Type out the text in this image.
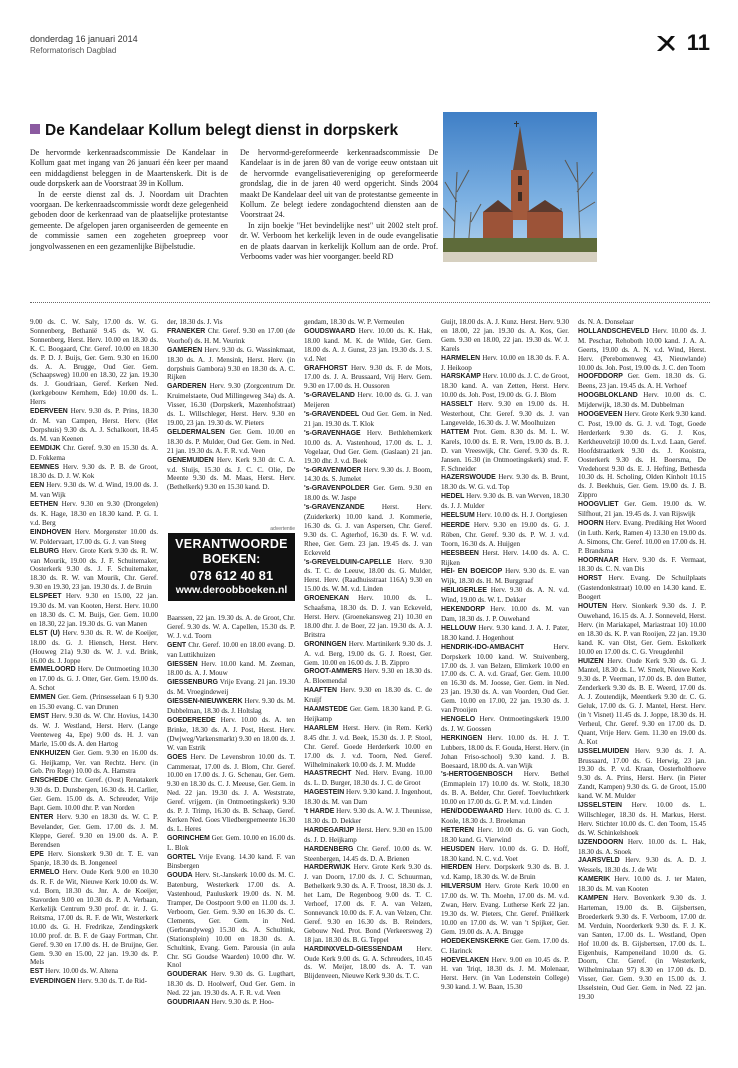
donderdag 16 januari 2014
Reformatorisch Dagblad	11
De Kandelaar Kollum belegt dienst in dorpskerk

De hervormde kerkenraadscommissie De Kandelaar in Kollum gaat met ingang van 26 januari één keer per maand een middagdienst beleggen in de Maartenskerk. Dit is de oude dorpskerk aan de Voorstraat 39 in Kollum.

In de eerste dienst zal ds. J. Noordam uit Drachten voorgaan. De kerkenraadscommissie wordt deze gelegenheid geboden door de kerkenraad van de plaatselijke protestantse gemeente. De afgelopen jaren organiseerden de gemeente en de commissie samen een zogeheten groepreep voor jongvolwassenen en een gezamenlijke Bijbelstudie.

De hervormd-gereformeerde kerkenraadscommissie De Kandelaar is in de jaren 80 van de vorige eeuw ontstaan uit de hervormde evangelisatievereniging op gereformeerde grondslag, die in de jaren 40 werd opgericht. Sinds 2004 maakt De Kandelaar deel uit van de protestantse gemeente in Kollum. Ze belegt iedere zondagochtend diensten aan de Voorstraat 24.

In zijn boekje "Het bevindelijke nest" uit 2002 stelt prof. dr. W. Verboom het kerkelijk leven in de oude evangelisatie en de plaats daarvan in kerkelijk Kollum aan de orde. Prof. Verbooms vader was hier voorganger. beeld RD

9.00 ds. C. W. Saly, 17.00 ds. W. G. Sonnenberg, Bethanië 9.45 ds. W. G. Sonnenberg, Herst. Herv. 10.00 en 18.30 ds. K. C. Boogaard, Chr. Geref. 10.00 en 18.30 ds. P. D. J. Buijs, Ger. Gem. 9.30 en 16.00 ds. A. A. Brugge, Oud Ger. Gem. (Schaapsweg) 10.00 en 18.30, 22 jan. 19.30 ds. J. Goudriaan, Geref. Kerken Ned. (kerkgebouw Kernhem, Ede) 10.00 ds. L. Herrs
EDERVEEN Herv. 9.30 ds. P. Prins, 18.30 dr. M. van Campen, Herst. Herv. (Het Dorpshuis) 9.30 ds. A. J. Schalkoort, 18.45 ds. M. van Keenen
EEMDIJK Chr. Geref. 9.30 en 15.30 ds. A. D. Fokkema
EEMNES Herv. 9.30 ds. P. B. de Groot, 18.30 ds. D. J. W. Kok
EEN Herv. 9.30 ds. W. d. Wind, 19.00 ds. J. M. van Wijk
EETHEN Herv. 9.30 en 9.30 (Drongelen) ds. K. Hage, 18.30 en 18.30 kand. P. G. I. v.d. Berg
EINDHOVEN Herv. Morgenster 10.00 ds. W. Poldervaart, 17.00 ds. G. J. van Steeg
ELBURG Herv. Grote Kerk 9.30 ds. R. W. van Mourik, 19.00 ds. J. F. Schuitemaker, Oosterkerk 9.30 ds. J. F. Schuitemaker, 18.30 ds. R. W. van Mourik, Chr. Geref. 9.30 en 19.30, 23 jan. 19.30 ds. J. de Bruin
ELSPEET Herv. 9.30 en 15.00, 22 jan. 19.30 ds. M. van Kooten, Herst. Herv. 10.00 en 18.30 ds. C. M. Buijs, Ger. Gem. 10.00 en 18.30, 22 jan. 19.30 ds. G. van Manen
ELST (U) Herv. 9.30 ds. R. W. de Koeijer, 18.00 ds. G. J. Hiensch, Herst. Herv. (Houweg 21a) 9.30 ds. W. J. v.d. Brink, 16.00 ds. J. Joppe
EMMELOORD Herv. De Ontmoeting 10.30 en 17.00 ds. G. J. Otter, Ger. Gem. 19.00 ds. A. Schot
EMMEN Ger. Gem. (Prinsesselaan 6 I) 9.30 en 15.30 evang. C. van Drunen
EMST Herv. 9.30 ds. W. Chr. Hovius, 14.30 ds. W. J. Westland, Herst. Herv. (Lange Veenteweg 4a, Epe) 9.00 ds. H. J. van Marle, 15.00 ds. A. den Hartog
ENKHUIZEN Ger. Gem. 9.30 en 16.00 ds. G. Heijkamp, Ver. van Rechtz. Herv. (in Geb. Pro Rege) 10.00 ds. A. Hamstra
ENSCHEDE Chr. Geref. (Oost) Renatakerk 9.30 ds. D. Dunsbergen, 16.30 ds. H. Carlier, Ger. Gem. 15.00 ds. A. Schreuder, Vrije Bapt. Gem. 10.00 dhr. P. van Norden
ENTER Herv. 9.30 en 18.30 ds. W. C. P. Bevelander, Ger. Gem. 17.00 ds. J. M. Kleppe, Geref. 9.30 en 19.00 ds. A. P. Berendsen
EPE Herv. Sionskerk 9.30 dr. T. E. van Spanje, 18.30 ds. B. Jongeneel
ERMELO Herv. Oude Kerk 9.00 en 10.30 ds. R. F. de Wit, Nieuwe Kerk 10.00 ds. W. v.d. Born, 18.30 ds. Jnr. A. de Koeijer, Stavorden 9.00 en 10.30 ds. P. A. Verbaan, Kerkelijk Centrum 9.30 prof. dr. ir. J. G. Reitsma, 17.00 ds. R. F. de Wit, Westerkerk 10.00 ds. G. H. Fredrikze, Zendingskerk 10.00 prof. dr. B. F. de Gaay Fortman, Chr. Geref. 9.30 en 17.00 ds. H. de Bruijne, Ger. Gem. 9.30 en 15.00, 22 jan. 19.30 ds. P. Mels
EST Herv. 10.00 ds. W. Altena
EVERDINGEN Herv. 9.30 ds. T. de Rid-
der, 18.30 ds. J. Vis
FRANEKER Chr. Geref. 9.30 en 17.00 (de Voorhof) ds. H. M. Veurink
GAMEREN Herv. 9.30 ds. G. Wassinkmaat, 18.30 ds. A. J. Mensink, Herst. Herv. (in dorpshuis Gambora) 9.30 en 18.30 ds. A. C. Rijken
GARDEREN Herv. 9.30 (Zorgcentrum Dr. Kruimelstaete, Oud Millingeweg 34a) ds. A. Visser, 16.30 (Dorpskerk, Mazenhofstraat) ds. L. Willschleger, Herst. Herv. 9.30 en 19.00, 23 jan. 19.30 ds. W. Pieters
GELDERMALSEN Ger. Gem. 10.00 en 18.30 ds. P. Mulder, Oud Ger. Gem. in Ned. 21 jan. 19.30 ds. A. F. R. v.d. Veen
GENEMUIDEN Herv. Kerk 9.30 dr. C. A. v.d. Sluijs, 15.30 ds. J. C. C. Olie, De Meente 9.30 ds. M. Maas, Herst. Herv. (Bethelkerk) 9.30 en 15.30 kand. D.
Baarssen, 22 jan. 19.30 ds. A. de Groot, Chr. Geref. 9.30 ds. W. A. Capellen, 15.30 ds. P. W. J. v.d. Toorn
GENT Chr. Geref. 10.00 en 18.00 evang. D. van Luttikhuizen
GIESSEN Herv. 10.00 kand. M. Zeeman, 18.00 ds. A. J. Mouw
GIESSENBURG Vrije Evang. 21 jan. 19.30 ds. M. Vroegindeweij
GIESSEN-NIEUWKERK Herv. 9.30 ds. M. Dubbelman, 18.30 ds. J. Holtslag
GOEDEREEDE Herv. 10.00 ds. A. ten Brinke, 18.30 ds. A. J. Post, Herst. Herv. (Dwjweg/Varkensmarkt) 9.30 en 18.00 ds. J. W. van Estrik
GOES Herv. De Levensbron 10.00 ds. T. Cammeraat, 17.00 ds. J. Blom, Chr. Geref. 10.00 en 17.00 ds. J. G. Schenau, Ger. Gem. 9.30 en 18.30 ds. C. J. Meeuse, Ger. Gem. in Ned. 22 jan. 19.30 ds. J. A. Weststrate, Geref. vrijgem. (in Ontmoetingskerk) 9.30 ds. P. J. Trimp, 16.30 ds. B. Schaap, Geref. Kerken Ned. Goes Vliedbergpemeente 16.30 ds. L. Heres
GORINCHEM Ger. Gem. 10.00 en 16.00 ds. L. Blok
GORTEL Vrije Evang. 14.30 kand. F. van Binsbergen
GOUDA Herv. St.-Janskerk 10.00 ds. M. C. Batenburg, Westerkerk 17.00 ds. A. Vastenhoud, Pauluskerk 19.00 ds. N. M. Tramper, De Oostpoort 9.00 en 11.00 ds. J. Verboom, Ger. Gem. 9.30 en 16.30 ds. C. Clements, Ger. Gem. in Ned. (Gerbrandyweg) 15.30 ds. A. Schultink, (Stationsplein) 10.00 en 18.30 ds. A. Schultink, Evang. Gem. Parousia (in aula Chr. SG Goudse Waarden) 10.00 dhr. W. Knol
GOUDERAK Herv. 9.30 ds. G. Lugthart, 18.30 ds. D. Hoolwerf, Oud Ger. Gem. in Ned. 22 jan. 19.30 ds. A. F. R. v.d. Veen
GOUDRIAAN Herv. 9.30 ds. P. Hoo-
gendam, 18.30 ds. W. P. Vermeulen
GOUDSWAARD Herv. 10.00 ds. K. Hak, 18.00 kand. M. K. de Wilde, Ger. Gem. 18.00 ds. A. J. Gunst, 23 jan. 19.30 ds. J. S. v.d. Net
GRAFHORST Herv. 9.30 ds. F. de Mots, 17.00 ds. J. A. Brussaard, Vrij Herv. Gem. 9.30 en 17.00 ds. H. Oussoren
's-GRAVELAND Herv. 10.00 ds. G. J. van Meijeren
's-GRAVENDEEL Oud Ger. Gem. in Ned. 21 jan. 19.30 ds. T. Klok
's-GRAVENHAGE Herv. Bethlehemkerk 10.00 ds. A. Vastenhoud, 17.00 ds. L. J. Vogelaar, Oud Ger. Gem. (Gaslaan) 21 jan. 19.30 dhr. J. v.d. Beek
's-GRAVENMOER Herv. 9.30 ds. J. Boom, 14.30 ds. S. Jumelet
's-GRAVENPOLDER Ger. Gem. 9.30 en 18.00 ds. W. Jaspe
's-GRAVENZANDE Herst. Herv. (Zuiderkerk) 10.00 kand. J. Kommerie, 16.30 ds. G. J. van Aspersen, Chr. Geref. 9.30 ds. C. Agterhof, 16.30 ds. F. W. v.d. Rhee, Ger. Gem. 23 jan. 19.45 ds. J. van Eckeveld
's-GREVELDUIN-CAPELLE Herv. 9.30 ds. T. C. de Leeuw, 18.00 ds. G. Mulder, Herst. Herv. (Raadhuisstraat 116A) 9.30 en 15.00 ds. W. M. v.d. Linden
GROENEKAN Herv. 10.00 ds. L. Schaafsma, 18.30 ds. D. J. van Eckeveld, Herst. Herv. (Groenekansweg 21) 10.30 en 18.00 dhr. J. de Boer, 22 jan. 19.30 ds. A. J. Britstra
GRONINGEN Herv. Martinikerk 9.30 ds. J. A. v.d. Berg, 19.00 ds. G. J. Roest, Ger. Gem. 10.00 en 16.00 ds. J. B. Zippro
GROOT-AMMERS Herv. 9.30 en 18.30 ds. A. Bloemendal
HAAFTEN Herv. 9.30 en 18.30 ds. C. de Kruijf
HAAMSTEDE Ger. Gem. 18.30 kand. P. G. Heijkamp
HAARLEM Herst. Herv. (in Rem. Kerk) 8.45 dhr. J. v.d. Beek, 15.30 ds. J. P. Stool, Chr. Geref. Goede Herderkerk 10.00 en 17.00 ds. J. v.d. Toorn, Ned. Geref. Wilhelminakerk 10.00 ds. J. M. Mudde
HAASTRECHT Ned. Herv. Evang. 10.00 ds. L. D. Burger, 18.30 ds. J. C. de Groot
HAGESTEIN Herv. 9.30 kand. J. Ingenhout, 18.30 ds. M. van Dam
't HARDE Herv. 9.30 ds. A. W. J. Theunisse, 18.30 ds. D. Dekker
HARDEGARIJP Herst. Herv. 9.30 en 15.00 ds. J. D. Heijkamp
HARDENBERG Chr. Geref. 10.00 ds. W. Steenbergen, 14.45 ds. D. A. Brienen
HARDERWIJK Herv. Grote Kerk 9.30 ds. J. van Doorn, 17.00 ds. J. C. Schuurman, Bethelkerk 9.30 ds. A. F. Troost, 18.30 ds. J. het Lam, De Regenboog 9.00 ds. T. C. Verhoef, 17.00 ds. F. A. van Velzen, Sonnevanck 10.00 ds. F. A. van Velzen, Chr. Geref. 9.30 en 16.30 ds. B. Reinders, Gebouw Ned. Prot. Bond (Verkeersweg 2) 18 jan. 18.30 ds. B. G. Teppel
HARDINXVELD-GIESSENDAM Herv. Oude Kerk 9.00 ds. G. A. Schreuders, 10.45 ds. W. Meijer, 18.00 ds. A. T. van Blijdenveen, Nieuwe Kerk 9.30 ds. T. C.
Guijt, 18.00 ds. A. J. Kunz. Herst. Herv. 9.30 en 18.00, 22 jan. 19.30 ds. A. Kos, Ger. Gem. 9.30 en 18.00, 22 jan. 19.30 ds. W. J. Karels
HARMELEN Herv. 10.00 en 18.30 ds. F. A. J. Heikoop
HARSKAMP Herv. 10.00 ds. J. C. de Groot, 18.30 kand. A. van Zetten, Herst. Herv. 10.00 ds. Joh. Post, 19.00 ds. G. J. Blom
HASSELT Herv. 9.30 en 19.00 ds. H. Westerhout, Chr. Geref. 9.30 ds. J. van Langevelde, 16.30 ds. J. W. Moolhuizen
HATTEM Prot. Gem. 8.30 ds. M. L. W. Karels, 10.00 ds. E. R. Vern, 19.00 ds. B. J. D. van Vreeswijk, Chr. Geref. 9.30 ds. R. Jansen. 16.30 (in Ontmoetingskerk) stud. F. F. Schneider
HAZERSWOUDE Herv. 9.30 ds. B. Brunt, 18.30 ds. W. G. v.d. Top
HEDEL Herv. 9.30 ds. B. van Werven, 18.30 ds. J. J. Mulder
HEELSUM Herv. 10.00 ds. H. J. Oortgiesen
HEERDE Herv. 9.30 en 19.00 ds. G. J. Röben, Chr. Geref. 9.30 ds. P. W. J. v.d. Toorn, 16.30 ds. A. Huijgen
HEESBEEN Herst. Herv. 14.00 ds. A. C. Rijken
HEI- EN BOEICOP Herv. 9.30 ds. E. van Wijk, 18.30 ds. H. M. Burggraaf
HEILIGERLEE Herv. 9.30 ds. A. N. v.d. Wind, 19.00 ds. W. L. Dekker
HEKENDORP Herv. 10.00 ds. M. van Dam, 18.30 ds. J. P. Ouwehand
HELLOUW Herv. 9.30 kand. J. A. J. Pater, 18.30 kand. J. Hogenhout
HENDRIK-IDO-AMBACHT Herv. Dorpskerk 10.00 kand. W. Stuivenberg, 17.00 ds. J. van Belzen, Elimkerk 10.00 en 17.00 ds. C. A. v.d. Graaf, Ger. Gem. 10.00 en 16.30 ds. M. Joosse, Ger. Gem. in Ned. 23 jan. 19.30 ds. A. van Voorden, Oud Ger. Gem. 10.00 en 17.00, 22 jan. 19.30 ds. J. van Prooijen
HENGELO Herv. Ontmoetingskerk 19.00 ds. J. W. Goossen
HERKINGEN Herv. 10.00 ds. H. J. T. Lubbers, 18.00 ds. F. Gouda, Herst. Herv. (in Johan Friso-school) 9.30 kand. J. B. Boesaard, 18.00 ds. A. van Wijk
's-HERTOGENBOSCH Herv. Bethel (Emmaplein 17) 10.00 ds. W. Stolk, 18.30 ds. B. A. Belder, Chr. Geref. Toevluchtkerk 10.00 en 17.00 ds. G. P. M. v.d. Linden
HEN/DODEWAARD Herv. 10.00 ds. C. J. Koole, 18.30 ds. J. Broekman
HETEREN Herv. 10.00 ds. G. van Goch, 18.30 kand. G. Vierwind
HEUSDEN Herv. 10.00 ds. G. D. Hoff, 18.30 kand. N. C. v.d. Voet
HIERDEN Herv. Dorpskerk 9.30 ds. B. J. v.d. Kamp, 18.30 ds. W. de Bruin
HILVERSUM Herv. Grote Kerk 10.00 en 17.00 ds. W. Th. Moehn, 17.00 ds. M. v.d. Zwan, Herv. Evang. Lutherse Kerk 22 jan. 19.30 ds. W. Pieters, Chr. Geref. Pniëlkerk 10.00 en 17.00 ds. W. van 't Spijker, Ger. Gem. 19.00 ds. A. A. Brugge
HOEDEKENSKERKE Ger. Gem. 17.00 ds. C. Harinck
HOEVELAKEN Herv. 9.00 en 10.45 ds. P. H. van 'Iriqt, 18.30 ds. J. M. Molenaar, Herst. Herv. (in Van Lodenstein College) 9.30 kand. J. W. Baan, 15.30
ds. N. A. Donselaar
HOLLANDSCHEVELD Herv. 10.00 ds. J. M. Peschar, Rehoboth 10.00 kand. J. A. A. Geerts, 19.00 ds. A. N. v.d. Wind, Herst. Herv. (Perebomenweg 43, Nieuwlande) 10.00 ds. Joh. Post, 19.00 ds. J. C. den Toom
HOOFDDORP Ger. Gem. 18.30 ds. G. Beens, 23 jan. 19.45 ds. A. H. Verhoef
HOOGBLOKLAND Herv. 10.00 ds. C. Mijderwijk, 18.30 ds. M. Dubbelman
HOOGEVEEN Herv. Grote Kerk 9.30 kand. C. Post, 19.00 ds. G. J. v.d. Togt, Goede Herderkerk 9.30 ds. G. J. Kos, Kerkheuvelzijl 10.00 ds. L.v.d. Laan, Geref. Hoofdstraatkerk 9.30 ds. J. Kooistra, Oosterkerk 9.30 ds. H. Boersma, De Vredehorst 9.30 ds. E. J. Hefting, Bethesda 10.30 ds. H. Scholing, Olden Kinholt 10.15 ds. J. Beekhuis, Ger. Gem. 19.00 ds. J. B. Zippro
HOOGVLIET Ger. Gem. 19.00 ds. W. Silfhout, 21 jan. 19.45 ds. J. van Rijswijk
HOORN Herv. Evang. Prediking Het Woord (in Luth. Kerk, Ramen 4) 13.30 en 19.00 ds. A. Simons, Chr. Geref. 10.00 en 17.00 ds. H. P. Brandsma
HOORNAAR Herv. 9.30 ds. F. Vermaat, 18.30 ds. C. N. van Dis
HORST Herv. Evang. De Schuilplaats (Gastendonkstraat) 10.00 en 14.30 kand. E. Boogert
HOUTEN Herv. Sionkerk 9.30 ds. J. P. Ouwehand, 16.15 ds. A. J. Sonneveld, Herst. Herv. (in Mariakapel, Mariastraat 10) 10.00 en 18.30 ds. K. P. van Rooijen, 22 jan. 19.30 kand. K. van Olst, Ger. Gem. Eskolkerk 10.00 en 17.00 ds. C. G. Vreugdenhil
HUIZEN Herv. Oude Kerk 9.30 ds. G. J. Mantel, 18.30 ds. L. W. Smelt, Nieuwe Kerk 9.30 ds. P. Veerman, 17.00 ds. B. den Butter, Zenderkerk 9.30 ds. B. E. Weerd, 17.00 ds. A. J. Zoutendijk, Meentkerk 9.30 dr. C. G. Geluk, 17.00 ds. G. J. Mantel, Herst. Herv. (in 't Visnet) 11.45 ds. J. Joppe, 18.30 ds. H. Verheul, Chr. Geref. 9.30 en 17.00 ds. D. Quant, Vrije Herv. Gem. 11.30 en 19.00 ds. A. Kot
IJSSELMUIDEN Herv. 9.30 ds. J. A. Brussaard, 17.00 ds. G. Herwig, 23 jan. 19.30 ds. P. v.d. Kraan, Oosterholthoeve 9.30 ds. A. Prins, Herst. Herv. (in Pieter Zandt, Kampen) 9.30 ds. G. de Groot, 15.00 kand. W. M. Mulder
IJSSELSTEIN Herv. 10.00 ds. L. Willschleger, 18.30 ds. H. Markus, Herst. Herv. Stichter 10.00 ds. C. den Toom, 15.45 ds. W. Schinkelshoek
IJZENDOORN Herv. 10.00 ds. L. Hak, 18.30 ds. A. Snoek
JAARSVELD Herv. 9.30 ds. A. D. J. Wessels, 18.30 ds. J. de Wit
KAMERIK Herv. 10.00 ds. J. ter Maten, 18.30 ds. M. van Kooten
KAMPEN Herv. Bovenkerk 9.30 ds. J. Harteman, 19.00 ds. B. Gijsbertsen, Broederkerk 9.30 ds. F. Verboom, 17.00 dr. M. Verduin, Noorderkerk 9.30 ds. F. J. K. van Santen, 17.00 ds. L. Westland, Open Hof 10.00 ds. B. Gijsbertsen, 17.00 ds. L. Eigenhuis, Kampeneiland 10.00 ds. G. Doorn, Chr. Geref. (in Westerkerk, Wilhelminalaan 97) 8.30 en 17.00 ds. D. Visser, Ger. Gem. 9.30 en 15.00 ds. J. IJsselstein, Oud Ger. Gem. in Ned. 22 jan. 19.30
advertentie
VERANTWOORDE
BOEKEN:
078 612 40 81
www.deroobboeken.nl
